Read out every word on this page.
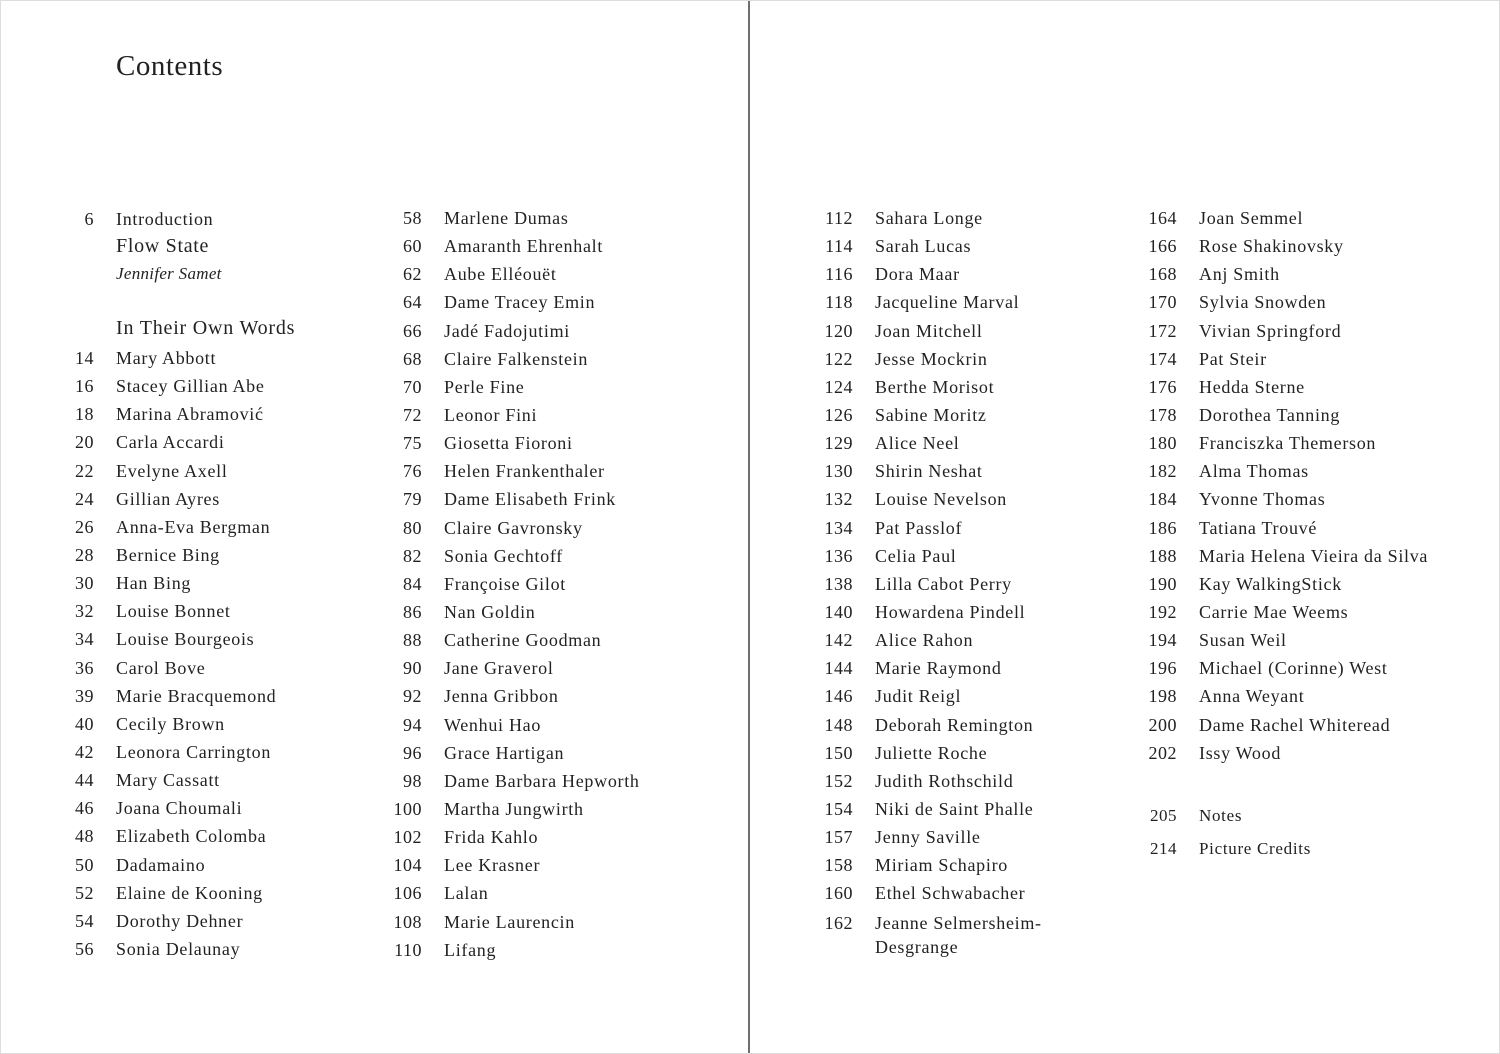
Contents
6 Introduction
Flow State
Jennifer Samet
In Their Own Words
14 Mary Abbott
16 Stacey Gillian Abe
18 Marina Abramović
20 Carla Accardi
22 Evelyne Axell
24 Gillian Ayres
26 Anna-Eva Bergman
28 Bernice Bing
30 Han Bing
32 Louise Bonnet
34 Louise Bourgeois
36 Carol Bove
39 Marie Bracquemond
40 Cecily Brown
42 Leonora Carrington
44 Mary Cassatt
46 Joana Choumali
48 Elizabeth Colomba
50 Dadamaino
52 Elaine de Kooning
54 Dorothy Dehner
56 Sonia Delaunay
58 Marlene Dumas
60 Amaranth Ehrenhalt
62 Aube Elléouët
64 Dame Tracey Emin
66 Jadé Fadojutimi
68 Claire Falkenstein
70 Perle Fine
72 Leonor Fini
75 Giosetta Fioroni
76 Helen Frankenthaler
79 Dame Elisabeth Frink
80 Claire Gavronsky
82 Sonia Gechtoff
84 Françoise Gilot
86 Nan Goldin
88 Catherine Goodman
90 Jane Graverol
92 Jenna Gribbon
94 Wenhui Hao
96 Grace Hartigan
98 Dame Barbara Hepworth
100 Martha Jungwirth
102 Frida Kahlo
104 Lee Krasner
106 Lalan
108 Marie Laurencin
110 Lifang
112 Sahara Longe
114 Sarah Lucas
116 Dora Maar
118 Jacqueline Marval
120 Joan Mitchell
122 Jesse Mockrin
124 Berthe Morisot
126 Sabine Moritz
129 Alice Neel
130 Shirin Neshat
132 Louise Nevelson
134 Pat Passlof
136 Celia Paul
138 Lilla Cabot Perry
140 Howardena Pindell
142 Alice Rahon
144 Marie Raymond
146 Judit Reigl
148 Deborah Remington
150 Juliette Roche
152 Judith Rothschild
154 Niki de Saint Phalle
157 Jenny Saville
158 Miriam Schapiro
160 Ethel Schwabacher
162 Jeanne Selmersheim-
Desgrange
164 Joan Semmel
166 Rose Shakinovsky
168 Anj Smith
170 Sylvia Snowden
172 Vivian Springford
174 Pat Steir
176 Hedda Sterne
178 Dorothea Tanning
180 Franciszka Themerson
182 Alma Thomas
184 Yvonne Thomas
186 Tatiana Trouvé
188 Maria Helena Vieira da Silva
190 Kay WalkingStick
192 Carrie Mae Weems
194 Susan Weil
196 Michael (Corinne) West
198 Anna Weyant
200 Dame Rachel Whiteread
202 Issy Wood
205 Notes
214 Picture Credits
